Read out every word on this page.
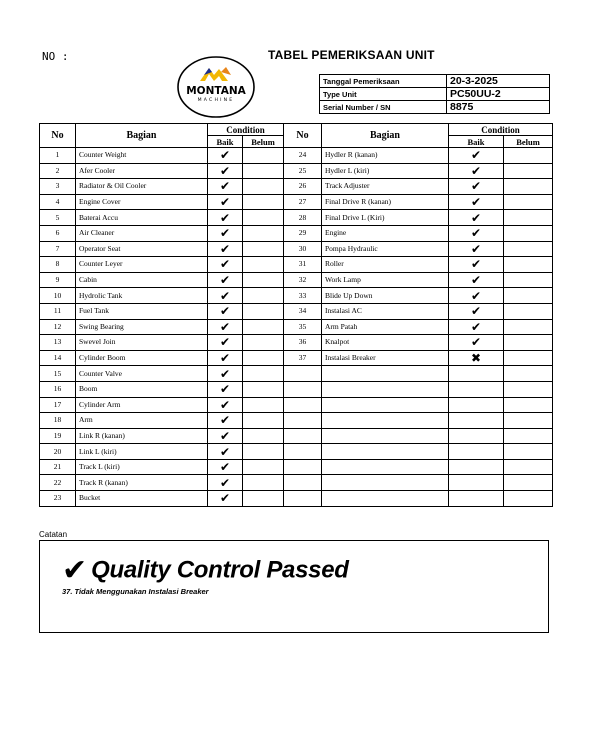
NO :	TABEL PEMERIKSAAN UNIT
MONTANA
MACHINE
Tanggal Pemeriksaan	20-3-2025
Type Unit	PC50UU-2
Serial Number / SN	8875
No	Bagian	Condition		No	Bagian	Condition	
		Baik	Belum			Baik	Belum
1	Counter Weight	✔		24	Hydler R (kanan)	✔	
2	Afer Cooler	✔		25	Hydler L (kiri)	✔	
3	Radiator & Oil Cooler	✔		26	Track Adjuster	✔	
4	Engine Cover	✔		27	Final Drive R (kanan)	✔	
5	Baterai Accu	✔		28	Final Drive L (Kiri)	✔	
6	Air Cleaner	✔		29	Engine	✔	
7	Operator Seat	✔		30	Pompa Hydraulic	✔	
8	Counter Leyer	✔		31	Roller	✔	
9	Cabin	✔		32	Work Lamp	✔	
10	Hydrolic Tank	✔		33	Blide Up Down	✔	
11	Fuel Tank	✔		34	Instalasi AC	✔	
12	Swing Bearing	✔		35	Arm Patah	✔	
13	Swevel Join	✔		36	Knalpot	✔	
14	Cylinder Boom	✔		37	Instalasi Breaker	✖	
15	Counter Valve	✔					
16	Boom	✔					
17	Cylinder Arm	✔					
18	Arm	✔					
19	Link R (kanan)	✔					
20	Link L (kiri)	✔					
21	Track L (kiri)	✔					
22	Track R (kanan)	✔					
23	Bucket	✔					
Catatan
✔ Quality Control Passed
37. Tidak Menggunakan Instalasi Breaker
